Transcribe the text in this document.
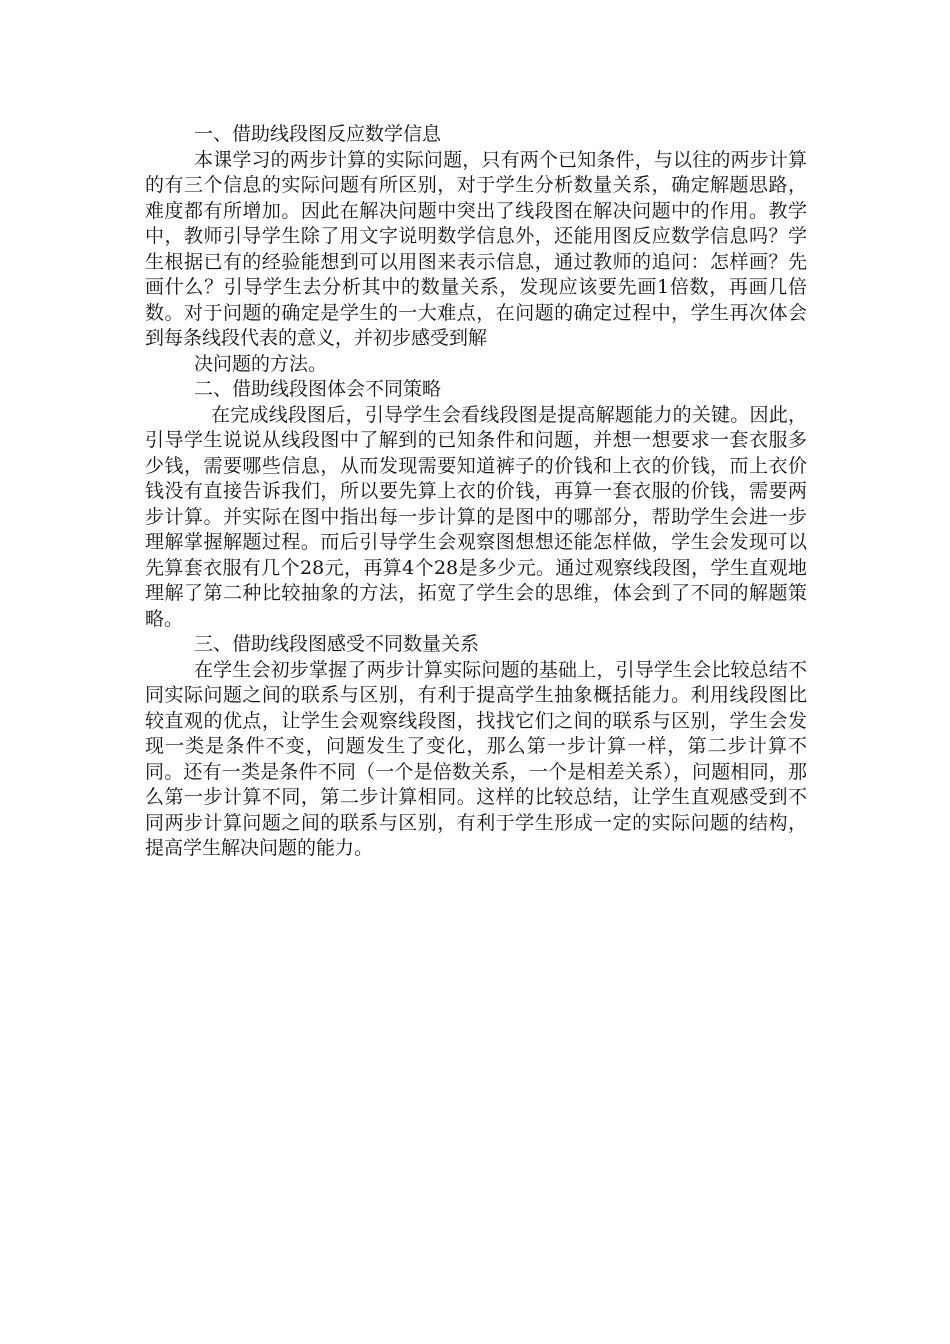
一、借助线段图反应数学信息

本课学习的两步计算的实际问题，只有两个已知条件，与以往的两步计算的有三个信息的实际问题有所区别，对于学生分析数量关系，确定解题思路，难度都有所增加。因此在解决问题中突出了线段图在解决问题中的作用。教学中，教师引导学生除了用文字说明数学信息外，还能用图反应数学信息吗？学生根据已有的经验能想到可以用图来表示信息，通过教师的追问：怎样画？先画什么？引导学生去分析其中的数量关系，发现应该要先画1倍数，再画几倍数。对于问题的确定是学生的一大难点，在问题的确定过程中，学生再次体会到每条线段代表的意义，并初步感受到解

决问题的方法。

二、借助线段图体会不同策略

在完成线段图后，引导学生会看线段图是提高解题能力的关键。因此，引导学生说说从线段图中了解到的已知条件和问题，并想一想要求一套衣服多少钱，需要哪些信息，从而发现需要知道裤子的价钱和上衣的价钱，而上衣价钱没有直接告诉我们，所以要先算上衣的价钱，再算一套衣服的价钱，需要两步计算。并实际在图中指出每一步计算的是图中的哪部分，帮助学生会进一步理解掌握解题过程。而后引导学生会观察图想想还能怎样做，学生会发现可以先算套衣服有几个28元，再算4个28是多少元。通过观察线段图，学生直观地理解了第二种比较抽象的方法，拓宽了学生会的思维，体会到了不同的解题策略。

三、借助线段图感受不同数量关系

在学生会初步掌握了两步计算实际问题的基础上，引导学生会比较总结不同实际问题之间的联系与区别，有利于提高学生抽象概括能力。利用线段图比较直观的优点，让学生会观察线段图，找找它们之间的联系与区别，学生会发现一类是条件不变，问题发生了变化，那么第一步计算一样，第二步计算不同。还有一类是条件不同（一个是倍数关系，一个是相差关系），问题相同，那么第一步计算不同，第二步计算相同。这样的比较总结，让学生直观感受到不同两步计算问题之间的联系与区别，有利于学生形成一定的实际问题的结构，提高学生解决问题的能力。
